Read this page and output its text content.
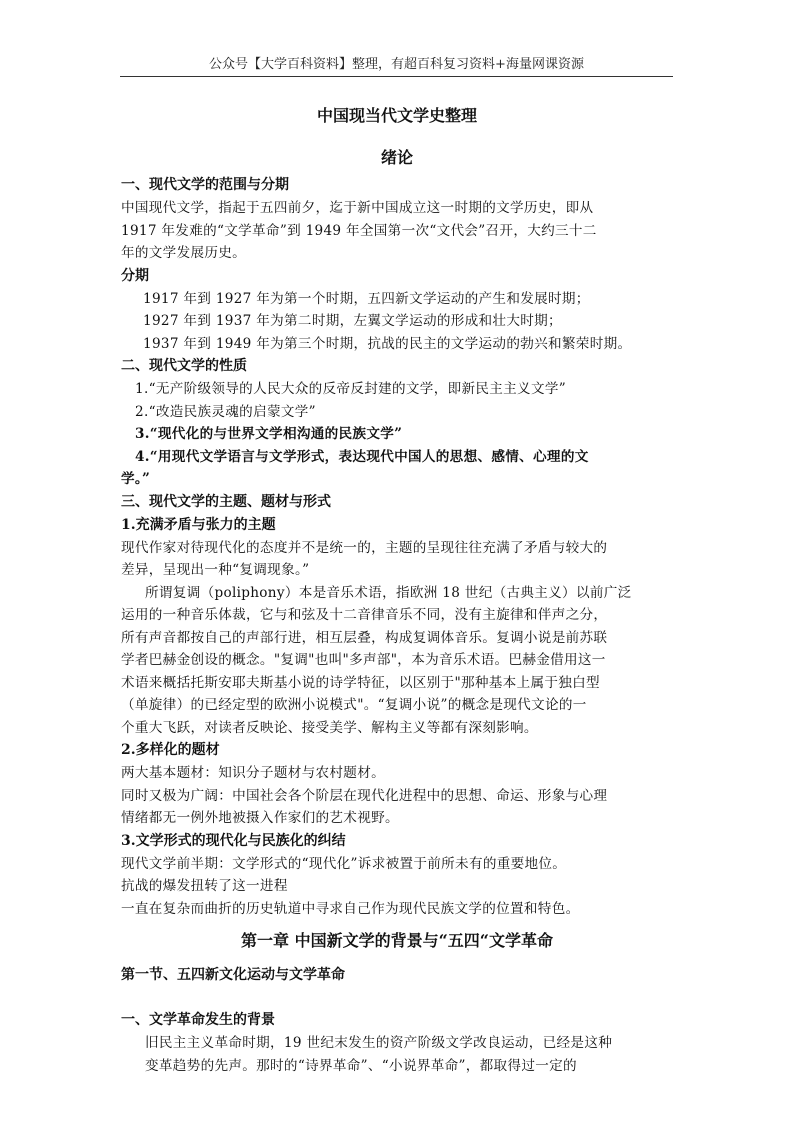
公众号【大学百科资料】整理，有超百科复习资料+海量网课资源
中国现当代文学史整理
绪论
一、现代文学的范围与分期
中国现代文学，指起于五四前夕，迄于新中国成立这一时期的文学历史，即从
1917 年发难的“文学革命”到 1949 年全国第一次“文代会”召开，大约三十二
年的文学发展历史。
分期
1917 年到 1927 年为第一个时期，五四新文学运动的产生和发展时期；
1927 年到 1937 年为第二时期，左翼文学运动的形成和壮大时期；
1937 年到 1949 年为第三个时期，抗战的民主的文学运动的勃兴和繁荣时期。
二、现代文学的性质
1.“无产阶级领导的人民大众的反帝反封建的文学，即新民主主义文学”
2.“改造民族灵魂的启蒙文学”
3.“现代化的与世界文学相沟通的民族文学”
4.“用现代文学语言与文学形式，表达现代中国人的思想、感情、心理的文
学。”
三、现代文学的主题、题材与形式
1.充满矛盾与张力的主题
现代作家对待现代化的态度并不是统一的，主题的呈现往往充满了矛盾与较大的
差异，呈现出一种“复调现象。”
所谓复调（poliphony）本是音乐术语，指欧洲 18 世纪（古典主义）以前广泛
运用的一种音乐体裁，它与和弦及十二音律音乐不同，没有主旋律和伴声之分，
所有声音都按自己的声部行进，相互层叠，构成复调体音乐。复调小说是前苏联
学者巴赫金创设的概念。"复调"也叫"多声部"，本为音乐术语。巴赫金借用这一
术语来概括托斯安耶夫斯基小说的诗学特征，以区别于"那种基本上属于独白型
（单旋律）的已经定型的欧洲小说模式"。“复调小说”的概念是现代文论的一
个重大飞跃，对读者反映论、接受美学、解构主义等都有深刻影响。
2.多样化的题材
两大基本题材：知识分子题材与农村题材。
同时又极为广阔：中国社会各个阶层在现代化进程中的思想、命运、形象与心理
情绪都无一例外地被摄入作家们的艺术视野。
3.文学形式的现代化与民族化的纠结
现代文学前半期：文学形式的“现代化”诉求被置于前所未有的重要地位。
抗战的爆发扭转了这一进程
一直在复杂而曲折的历史轨道中寻求自己作为现代民族文学的位置和特色。
第一章 中国新文学的背景与“五四“文学革命
第一节、五四新文化运动与文学革命
一、文学革命发生的背景
旧民主主义革命时期，19 世纪末发生的资产阶级文学改良运动，已经是这种
变革趋势的先声。那时的“诗界革命”、“小说界革命”，都取得过一定的
